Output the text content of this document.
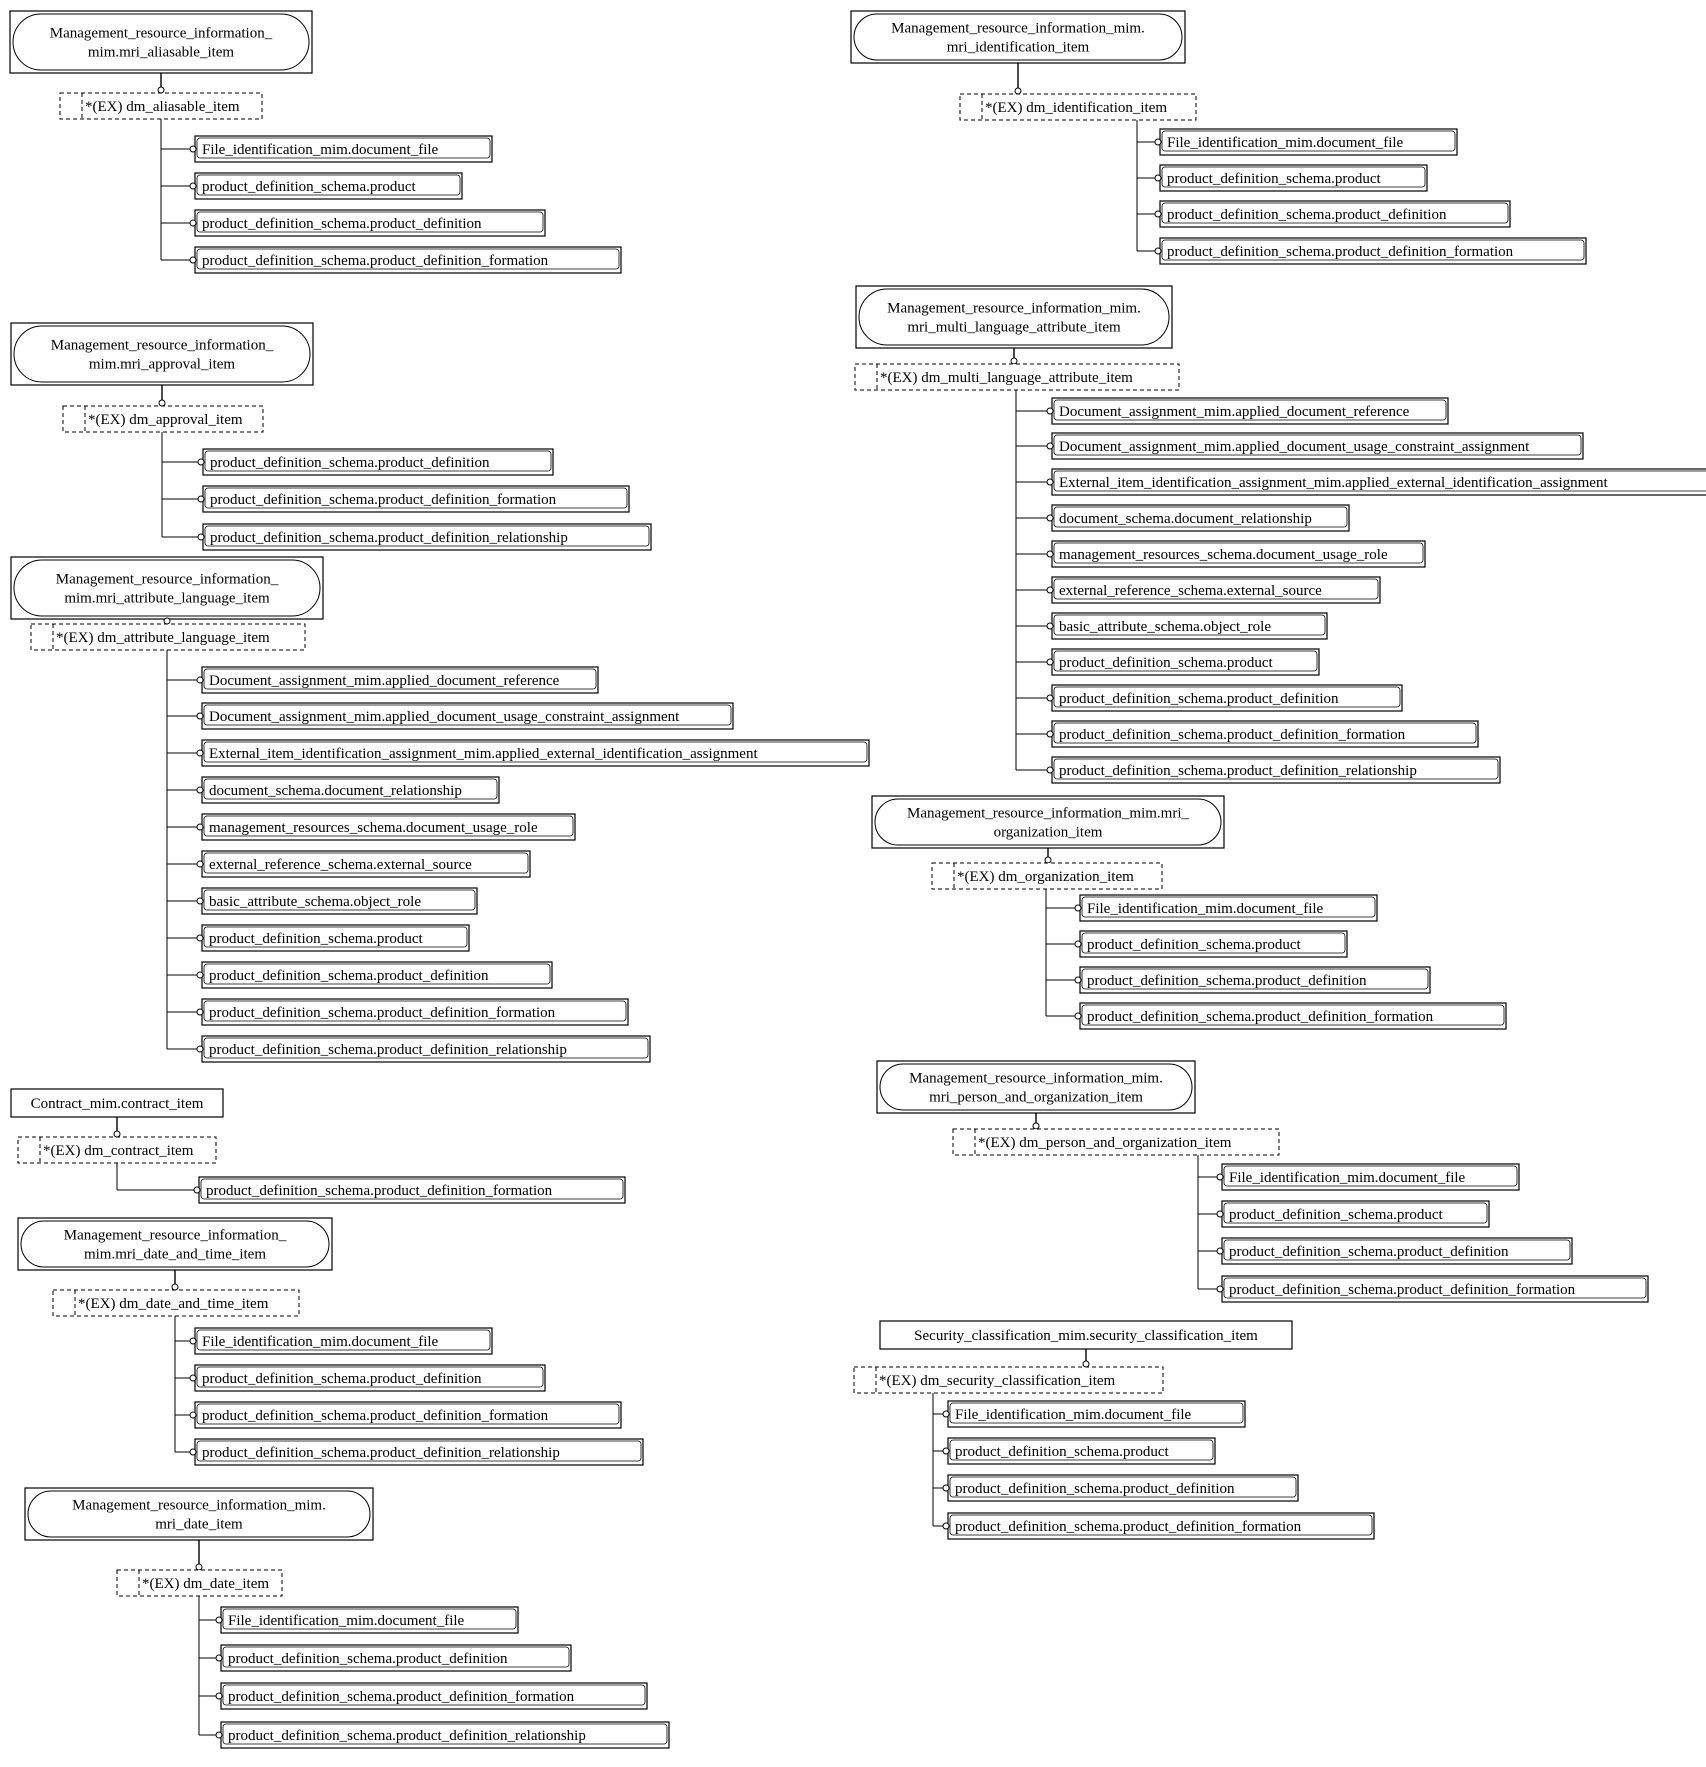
Management_resource_information_
mim.mri_aliasable_item
*(EX) dm_aliasable_item
File_identification_mim.document_file
product_definition_schema.product
product_definition_schema.product_definition
product_definition_schema.product_definition_formation
Management_resource_information_
mim.mri_approval_item
*(EX) dm_approval_item
product_definition_schema.product_definition
product_definition_schema.product_definition_formation
product_definition_schema.product_definition_relationship
Management_resource_information_
mim.mri_attribute_language_item
*(EX) dm_attribute_language_item
Document_assignment_mim.applied_document_reference
Document_assignment_mim.applied_document_usage_constraint_assignment
External_item_identification_assignment_mim.applied_external_identification_assignment
document_schema.document_relationship
management_resources_schema.document_usage_role
external_reference_schema.external_source
basic_attribute_schema.object_role
product_definition_schema.product
product_definition_schema.product_definition
product_definition_schema.product_definition_formation
product_definition_schema.product_definition_relationship
Contract_mim.contract_item
*(EX) dm_contract_item
product_definition_schema.product_definition_formation
Management_resource_information_
mim.mri_date_and_time_item
*(EX) dm_date_and_time_item
File_identification_mim.document_file
product_definition_schema.product_definition
product_definition_schema.product_definition_formation
product_definition_schema.product_definition_relationship
Management_resource_information_mim.
mri_date_item
*(EX) dm_date_item
File_identification_mim.document_file
product_definition_schema.product_definition
product_definition_schema.product_definition_formation
product_definition_schema.product_definition_relationship
Management_resource_information_mim.
mri_identification_item
*(EX) dm_identification_item
File_identification_mim.document_file
product_definition_schema.product
product_definition_schema.product_definition
product_definition_schema.product_definition_formation
Management_resource_information_mim.
mri_multi_language_attribute_item
*(EX) dm_multi_language_attribute_item
Document_assignment_mim.applied_document_reference
Document_assignment_mim.applied_document_usage_constraint_assignment
External_item_identification_assignment_mim.applied_external_identification_assignment
document_schema.document_relationship
management_resources_schema.document_usage_role
external_reference_schema.external_source
basic_attribute_schema.object_role
product_definition_schema.product
product_definition_schema.product_definition
product_definition_schema.product_definition_formation
product_definition_schema.product_definition_relationship
Management_resource_information_mim.mri_
organization_item
*(EX) dm_organization_item
File_identification_mim.document_file
product_definition_schema.product
product_definition_schema.product_definition
product_definition_schema.product_definition_formation
Management_resource_information_mim.
mri_person_and_organization_item
*(EX) dm_person_and_organization_item
File_identification_mim.document_file
product_definition_schema.product
product_definition_schema.product_definition
product_definition_schema.product_definition_formation
Security_classification_mim.security_classification_item
*(EX) dm_security_classification_item
File_identification_mim.document_file
product_definition_schema.product
product_definition_schema.product_definition
product_definition_schema.product_definition_formation
